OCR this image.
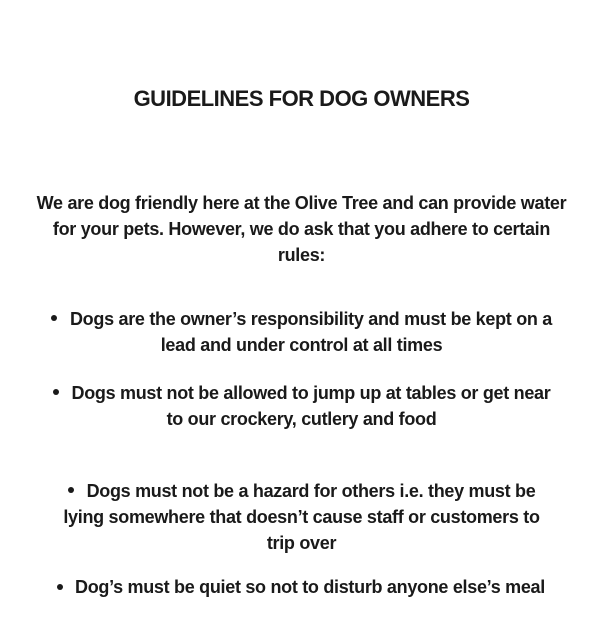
GUIDELINES FOR DOG OWNERS

We are dog friendly here at the Olive Tree and can provide water for your pets. However, we do ask that you adhere to certain rules:

Dogs are the owner’s responsibility and must be kept on a lead and under control at all times
Dogs must not be allowed to jump up at tables or get near to our crockery, cutlery and food
Dogs must not be a hazard for others i.e. they must be lying somewhere that doesn’t cause staff or customers to trip over
Dog’s must be quiet so not to disturb anyone else’s meal
